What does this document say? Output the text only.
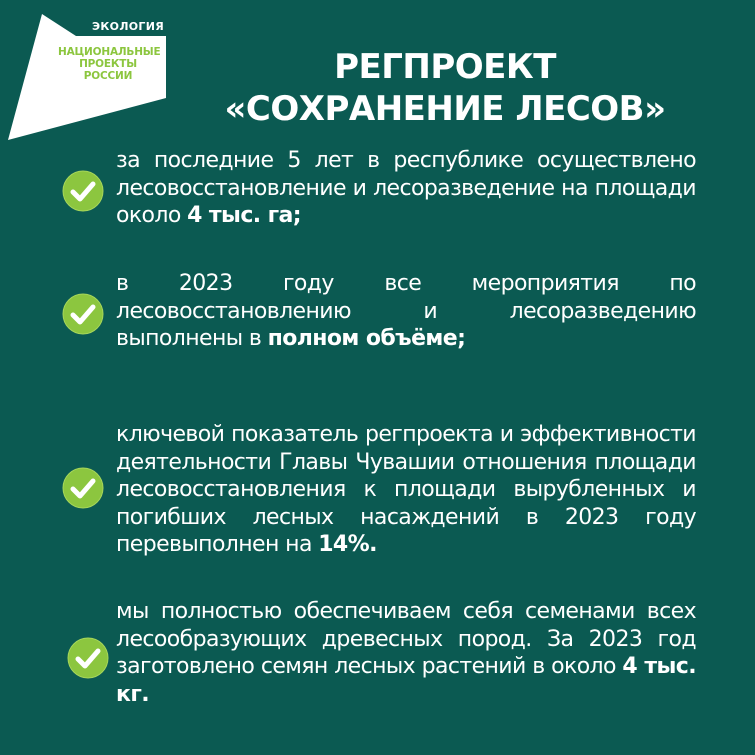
ЭКОЛОГИЯ
НАЦИОНАЛЬНЫЕ
ПРОЕКТЫ
РОССИИ	РЕГПРОЕКТ
«СОХРАНЕНИЕ ЛЕСОВ»
за последние 5 лет в республике осуществлено лесовосстановление и лесоразведение на площади около 4 тыс. га;
в 2023 году все мероприятия по лесовосстановлению и лесоразведению выполнены в полном объёме;
ключевой показатель регпроекта и эффективности деятельности Главы Чувашии отношения площади лесовосстановления к площади вырубленных и погибших лесных насаждений в 2023 году перевыполнен на 14%.
мы полностью обеспечиваем себя семенами всех лесообразующих древесных пород. За 2023 год заготовлено семян лесных растений в около 4 тыс. кг.
